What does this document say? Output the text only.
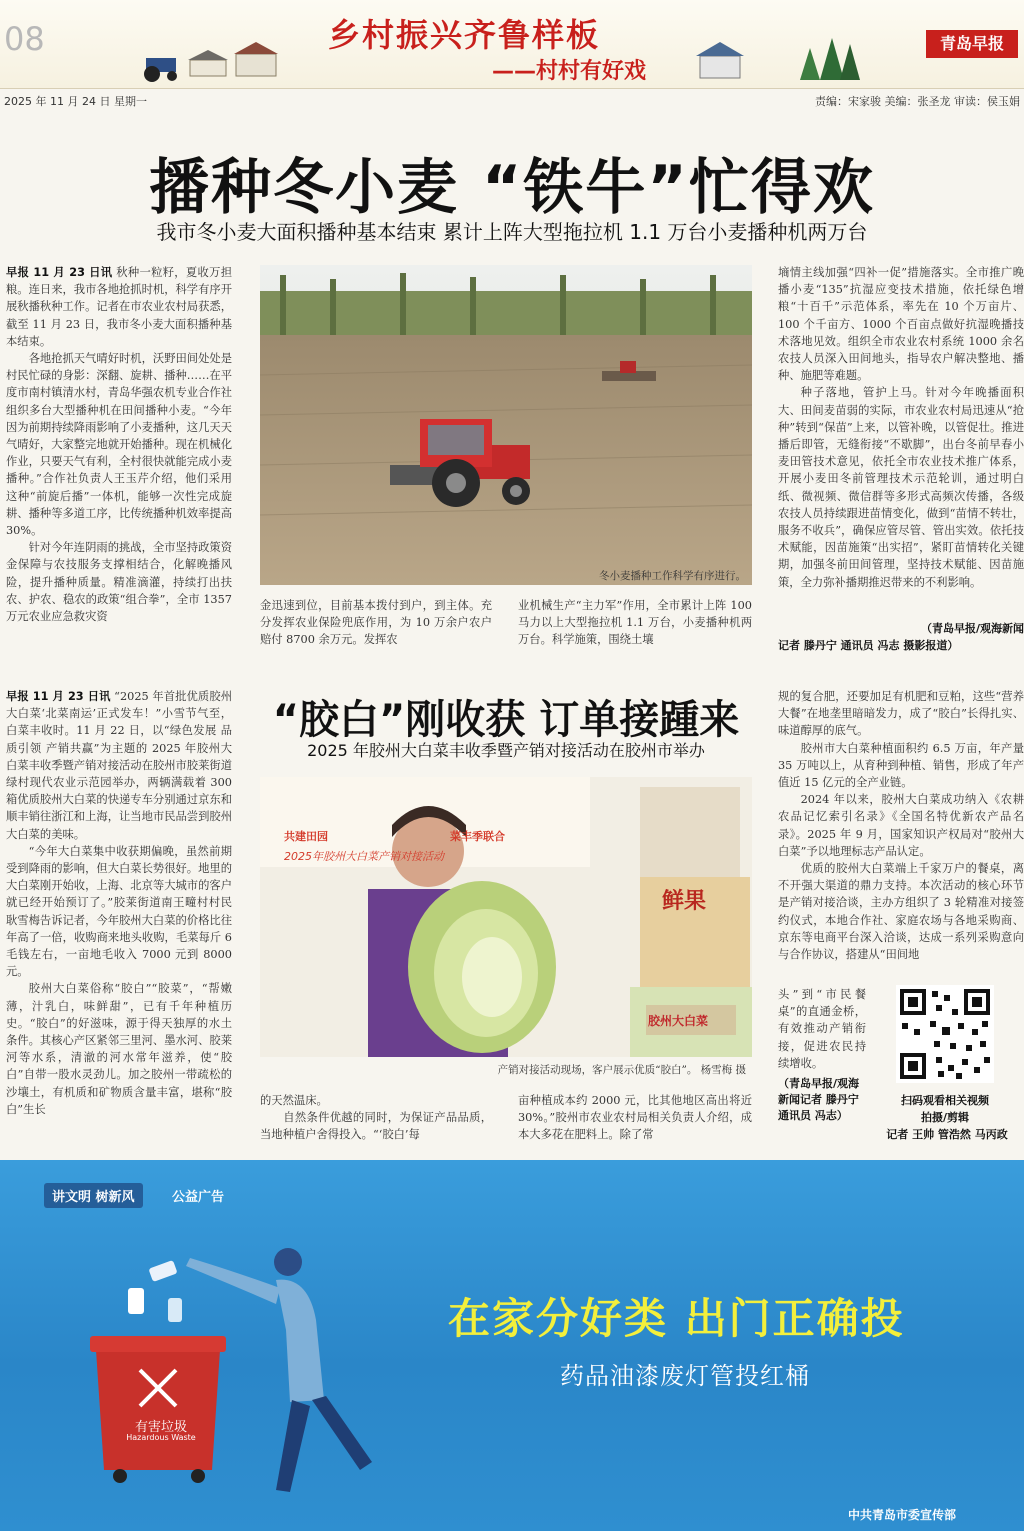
08	乡村振兴齐鲁样板
——村村有好戏
青岛早报
2025 年 11 月 24 日 星期一	责编：宋家骏 美编：张圣龙 审读：侯玉娟
播种冬小麦 “铁牛”忙得欢
我市冬小麦大面积播种基本结束 累计上阵大型拖拉机 1.1 万台小麦播种机两万台

早报 11 月 23 日讯 秋种一粒籽，夏收万担粮。连日来，我市各地抢抓时机，科学有序开展秋播秋种工作。记者在市农业农村局获悉，截至 11 月 23 日，我市冬小麦大面积播种基本结束。

各地抢抓天气晴好时机，沃野田间处处是村民忙碌的身影：深翻、旋耕、播种……在平度市南村镇清水村，青岛华强农机专业合作社组织多台大型播种机在田间播种小麦。“今年因为前期持续降雨影响了小麦播种，这几天天气晴好，大家整完地就开始播种。现在机械化作业，只要天气有利，全村很快就能完成小麦播种。”合作社负责人王玉芹介绍，他们采用这种“前旋后播”一体机，能够一次性完成旋耕、播种等多道工序，比传统播种机效率提高 30%。

针对今年连阴雨的挑战，全市坚持政策资金保障与农技服务支撑相结合，化解晚播风险，提升播种质量。精准滴灌，持续打出扶农、护农、稳农的政策“组合拳”，全市 1357 万元农业应急救灾资

冬小麦播种工作科学有序进行。

金迅速到位，目前基本拨付到户，到主体。充分发挥农业保险兜底作用，为 10 万余户农户赔付 8700 余万元。发挥农

业机械生产“主力军”作用，全市累计上阵 100 马力以上大型拖拉机 1.1 万台，小麦播种机两万台。科学施策，围绕土壤

墒情主线加强“四补一促”措施落实。全市推广晚播小麦“135”抗湿应变技术措施，依托绿色增粮“十百千”示范体系，率先在 10 个万亩片、100 个千亩方、1000 个百亩点做好抗湿晚播技术落地见效。组织全市农业农村系统 1000 余名农技人员深入田间地头，指导农户解决整地、播种、施肥等难题。

种子落地，管护上马。针对今年晚播面积大、田间麦苗弱的实际，市农业农村局迅速从“抢种”转到“保苗”上来，以管补晚，以管促壮。推进播后即管，无缝衔接“不歇脚”，出台冬前早春小麦田管技术意见，依托全市农业技术推广体系，开展小麦田冬前管理技术示范轮训，通过明白纸、微视频、微信群等多形式高频次传播，各级农技人员持续跟进苗情变化，做到“苗情不转壮，服务不收兵”，确保应管尽管、管出实效。依托技术赋能，因苗施策“出实招”，紧盯苗情转化关键期，加强冬前田间管理，坚持技术赋能、因苗施策，全力弥补播期推迟带来的不利影响。

（青岛早报/观海新闻
记者 滕丹宁 通讯员 冯志 摄影报道）
“胶白”刚收获 订单接踵来
2025 年胶州大白菜丰收季暨产销对接活动在胶州市举办

早报 11 月 23 日讯 “2025 年首批优质胶州大白菜‘北菜南运’正式发车！”小雪节气至，白菜丰收时。11 月 22 日，以“绿色发展 品质引领 产销共赢”为主题的 2025 年胶州大白菜丰收季暨产销对接活动在胶州市胶莱街道绿村现代农业示范园举办，两辆满载着 300 箱优质胶州大白菜的快递专车分别通过京东和顺丰销往浙江和上海，让当地市民品尝到胶州大白菜的美味。

“今年大白菜集中收获期偏晚，虽然前期受到降雨的影响，但大白菜长势很好。地里的大白菜刚开始收，上海、北京等大城市的客户就已经开始预订了。”胶莱街道南王疃村村民耿雪梅告诉记者，今年胶州大白菜的价格比往年高了一倍，收购商来地头收购，毛菜每斤 6 毛钱左右，一亩地毛收入 7000 元到 8000 元。

胶州大白菜俗称“胶白”“胶菜”，“帮嫩薄，汁乳白，味鲜甜”，已有千年种植历史。“胶白”的好滋味，源于得天独厚的水土条件。其核心产区紧邻三里河、墨水河、胶莱河等水系，清澈的河水常年滋养，使“胶白”自带一股水灵劲儿。加之胶州一带疏松的沙壤土，有机质和矿物质含量丰富，堪称“胶白”生长

共建田园	菜丰季联合
2025年胶州大白菜产销对接活动
鲜果
胶州大白菜
产销对接活动现场，客户展示优质“胶白”。 杨雪梅 摄

的天然温床。
　　自然条件优越的同时，为保证产品品质，当地种植户舍得投入。“‘胶白’每

亩种植成本约 2000 元，比其他地区高出将近 30%。”胶州市农业农村局相关负责人介绍，成本大多花在肥料上。除了常

规的复合肥，还要加足有机肥和豆粕，这些“营养大餐”在地垄里暗暗发力，成了“胶白”长得扎实、味道醇厚的底气。

胶州市大白菜种植面积约 6.5 万亩，年产量 35 万吨以上，从育种到种植、销售，形成了年产值近 15 亿元的全产业链。

2024 年以来，胶州大白菜成功纳入《农耕农品记忆索引名录》《全国名特优新农产品名录》。2025 年 9 月，国家知识产权局对“胶州大白菜”予以地理标志产品认定。

优质的胶州大白菜端上千家万户的餐桌，离不开强大渠道的鼎力支持。本次活动的核心环节是产销对接洽谈，主办方组织了 3 轮精准对接签约仪式，本地合作社、家庭农场与各地采购商、京东等电商平台深入洽谈，达成一系列采购意向与合作协议，搭建从“田间地

头”到“市民餐桌”的直通金桥，有效推动产销衔接，促进农民持续增收。

（青岛早报/观海新闻记者 滕丹宁 通讯员 冯志）
扫码观看相关视频
拍摄/剪辑
记者 王帅 管浩然 马丙政
讲文明 树新风	公益广告
有害垃圾
Hazardous Waste
在家分好类 出门正确投
药品油漆废灯管投红桶
中共青岛市委宣传部
